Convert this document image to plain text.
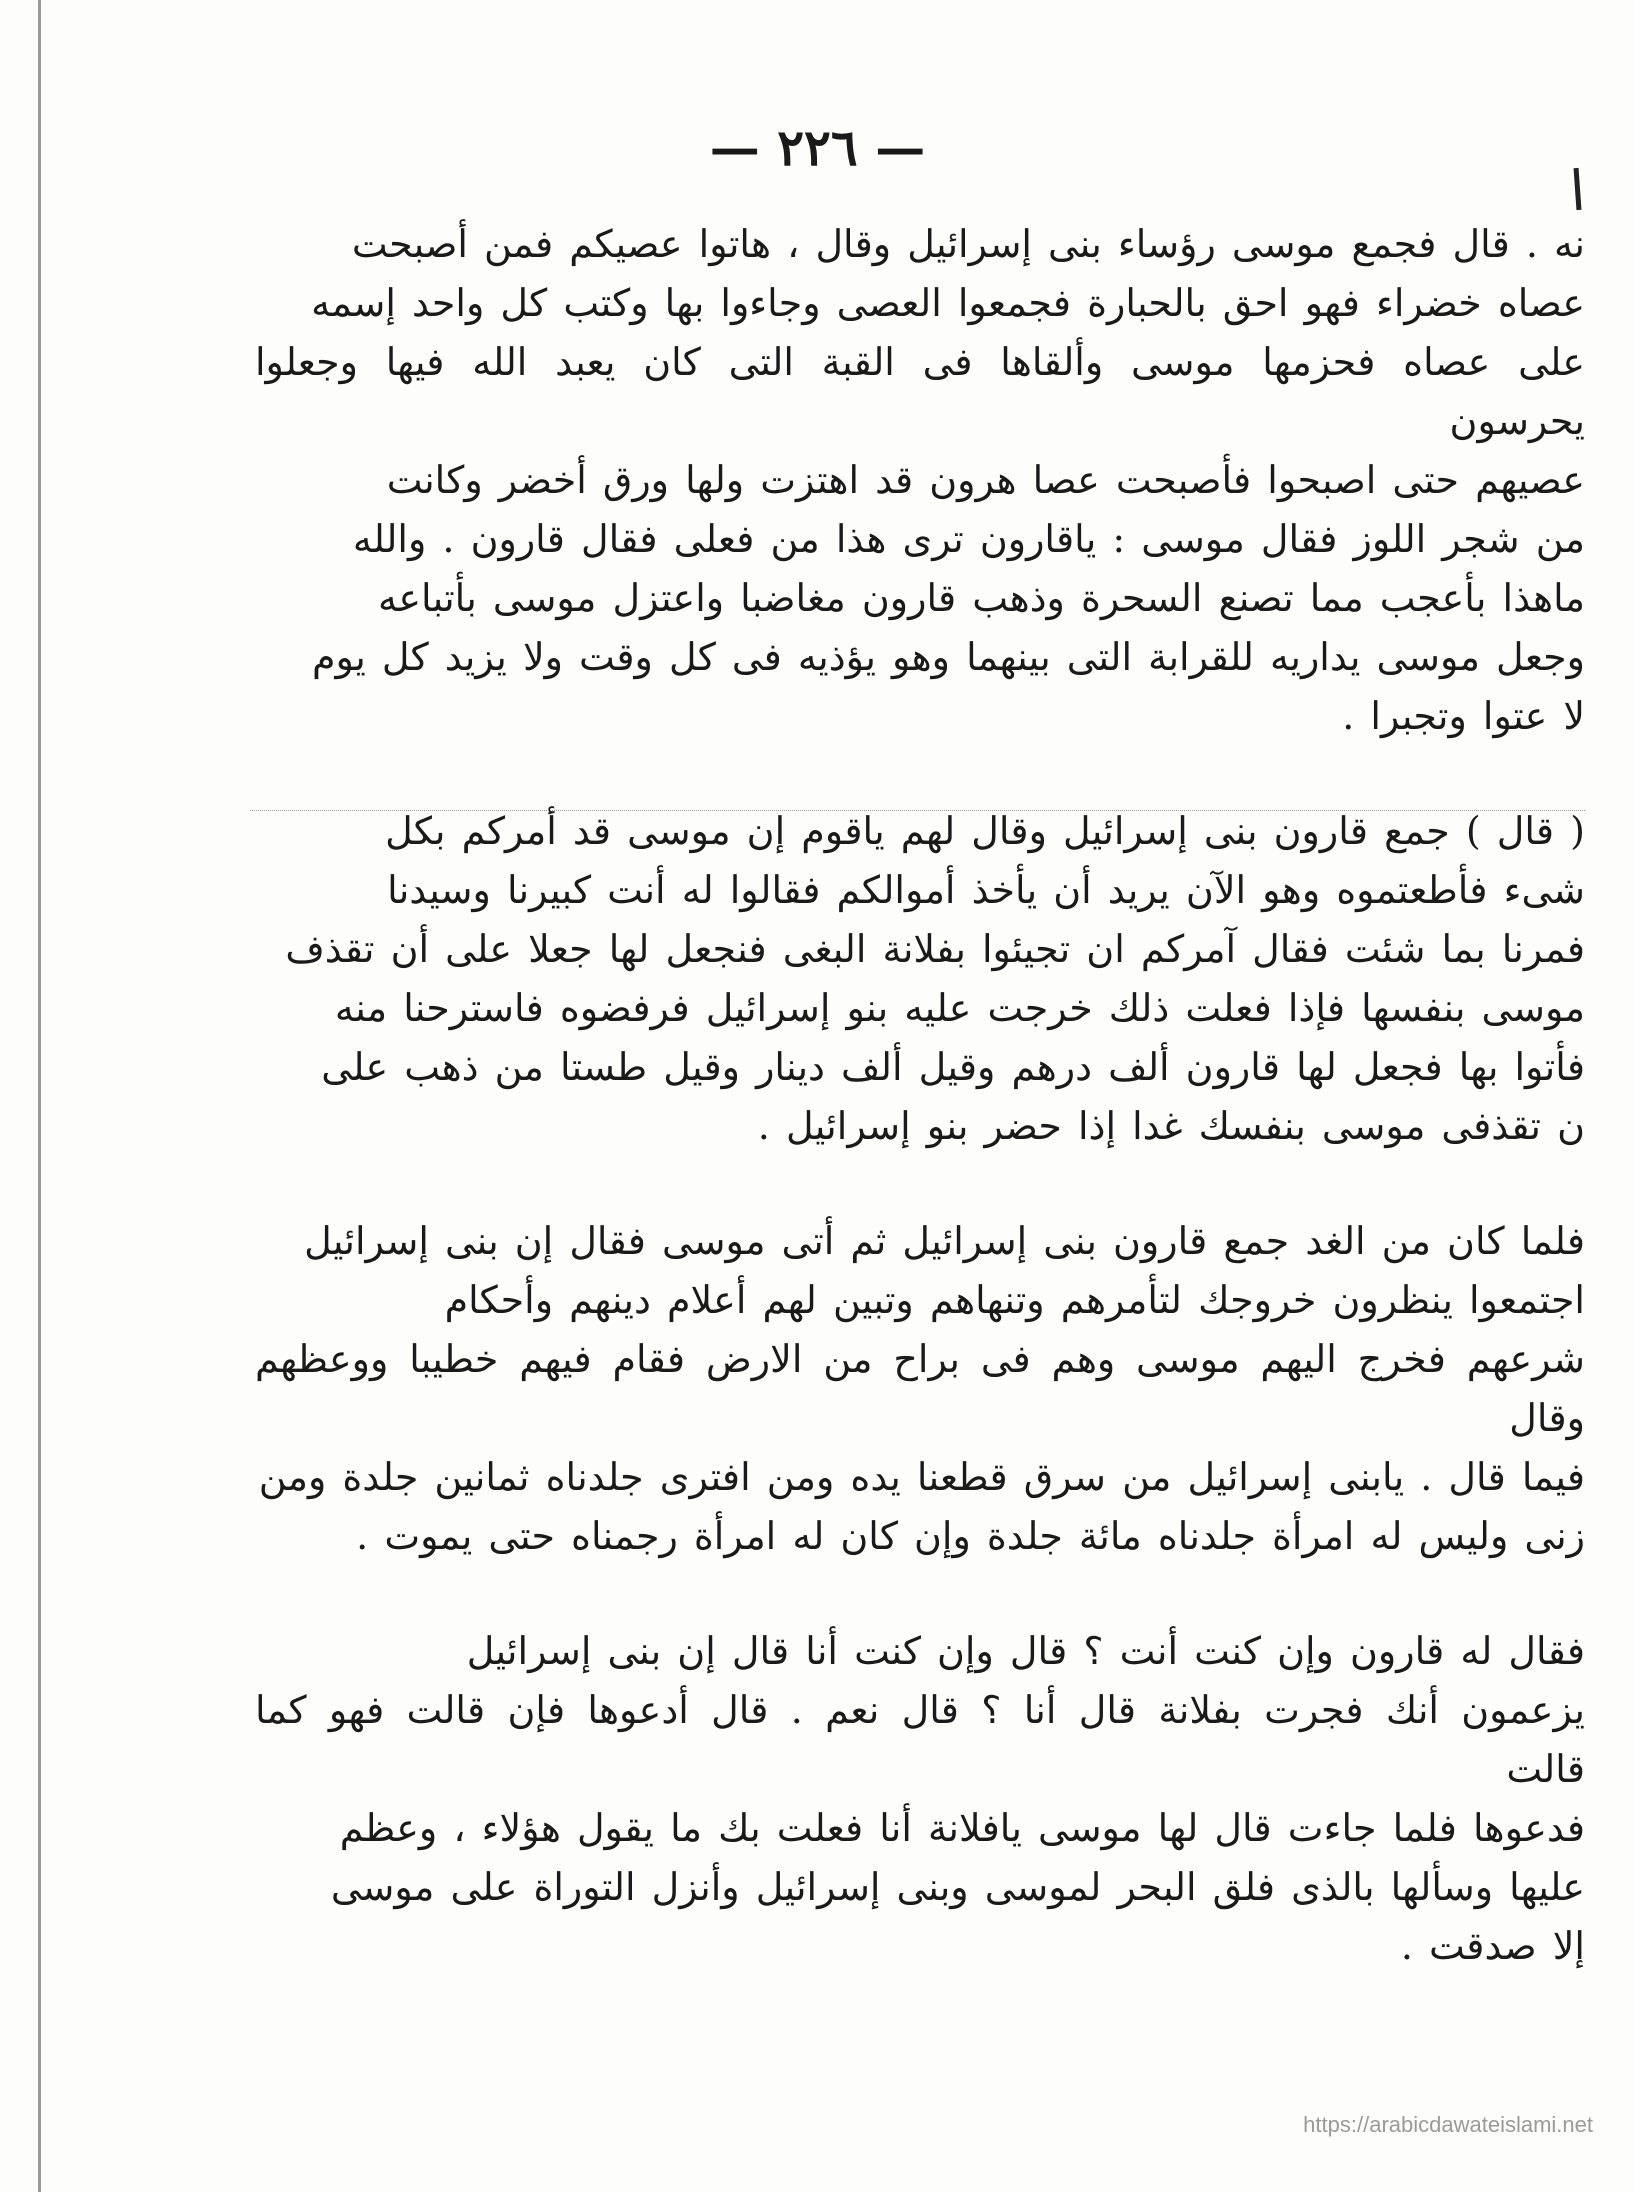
— ٢٢٦ —

نه . قال فجمع موسى رؤساء بنى إسرائيل وقال ، هاتوا عصيكم فمن أصبحت

عصاه خضراء فهو احق بالحبارة فجمعوا العصى وجاءوا بها وكتب كل واحد إسمه

على عصاه فحزمها موسى وألقاها فى القبة التى كان يعبد الله فيها وجعلوا يحرسون

عصيهم حتى اصبحوا فأصبحت عصا هرون قد اهتزت ولها ورق أخضر وكانت

من شجر اللوز فقال موسى : ياقارون ترى هذا من فعلى فقال قارون . والله

ماهذا بأعجب مما تصنع السحرة وذهب قارون مغاضبا واعتزل موسى بأتباعه

وجعل موسى يداريه للقرابة التى بينهما وهو يؤذيه فى كل وقت ولا يزيد كل يوم

لا عتوا وتجبرا .

( قال ) جمع قارون بنى إسرائيل وقال لهم ياقوم إن موسى قد أمركم بكل

شىء فأطعتموه وهو الآن يريد أن يأخذ أموالكم فقالوا له أنت كبيرنا وسيدنا

فمرنا بما شئت فقال آمركم ان تجيئوا بفلانة البغى فنجعل لها جعلا على أن تقذف

موسى بنفسها فإذا فعلت ذلك خرجت عليه بنو إسرائيل فرفضوه فاسترحنا منه

فأتوا بها فجعل لها قارون ألف درهم وقيل ألف دينار وقيل طستا من ذهب على

ن تقذفى موسى بنفسك غدا إذا حضر بنو إسرائيل .

فلما كان من الغد جمع قارون بنى إسرائيل ثم أتى موسى فقال إن بنى إسرائيل

اجتمعوا ينظرون خروجك لتأمرهم وتنهاهم وتبين لهم أعلام دينهم وأحكام

شرعهم فخرج اليهم موسى وهم فى براح من الارض فقام فيهم خطيبا ووعظهم وقال

فيما قال . يابنى إسرائيل من سرق قطعنا يده ومن افترى جلدناه ثمانين جلدة ومن

زنى وليس له امرأة جلدناه مائة جلدة وإن كان له امرأة رجمناه حتى يموت .

فقال له قارون وإن كنت أنت ؟ قال وإن كنت أنا قال إن بنى إسرائيل

يزعمون أنك فجرت بفلانة قال أنا ؟ قال نعم . قال أدعوها فإن قالت فهو كما قالت

فدعوها فلما جاءت قال لها موسى يافلانة أنا فعلت بك ما يقول هؤلاء ، وعظم

عليها وسألها بالذى فلق البحر لموسى وبنى إسرائيل وأنزل التوراة على موسى

إلا صدقت .

https://arabicdawateislami.net
